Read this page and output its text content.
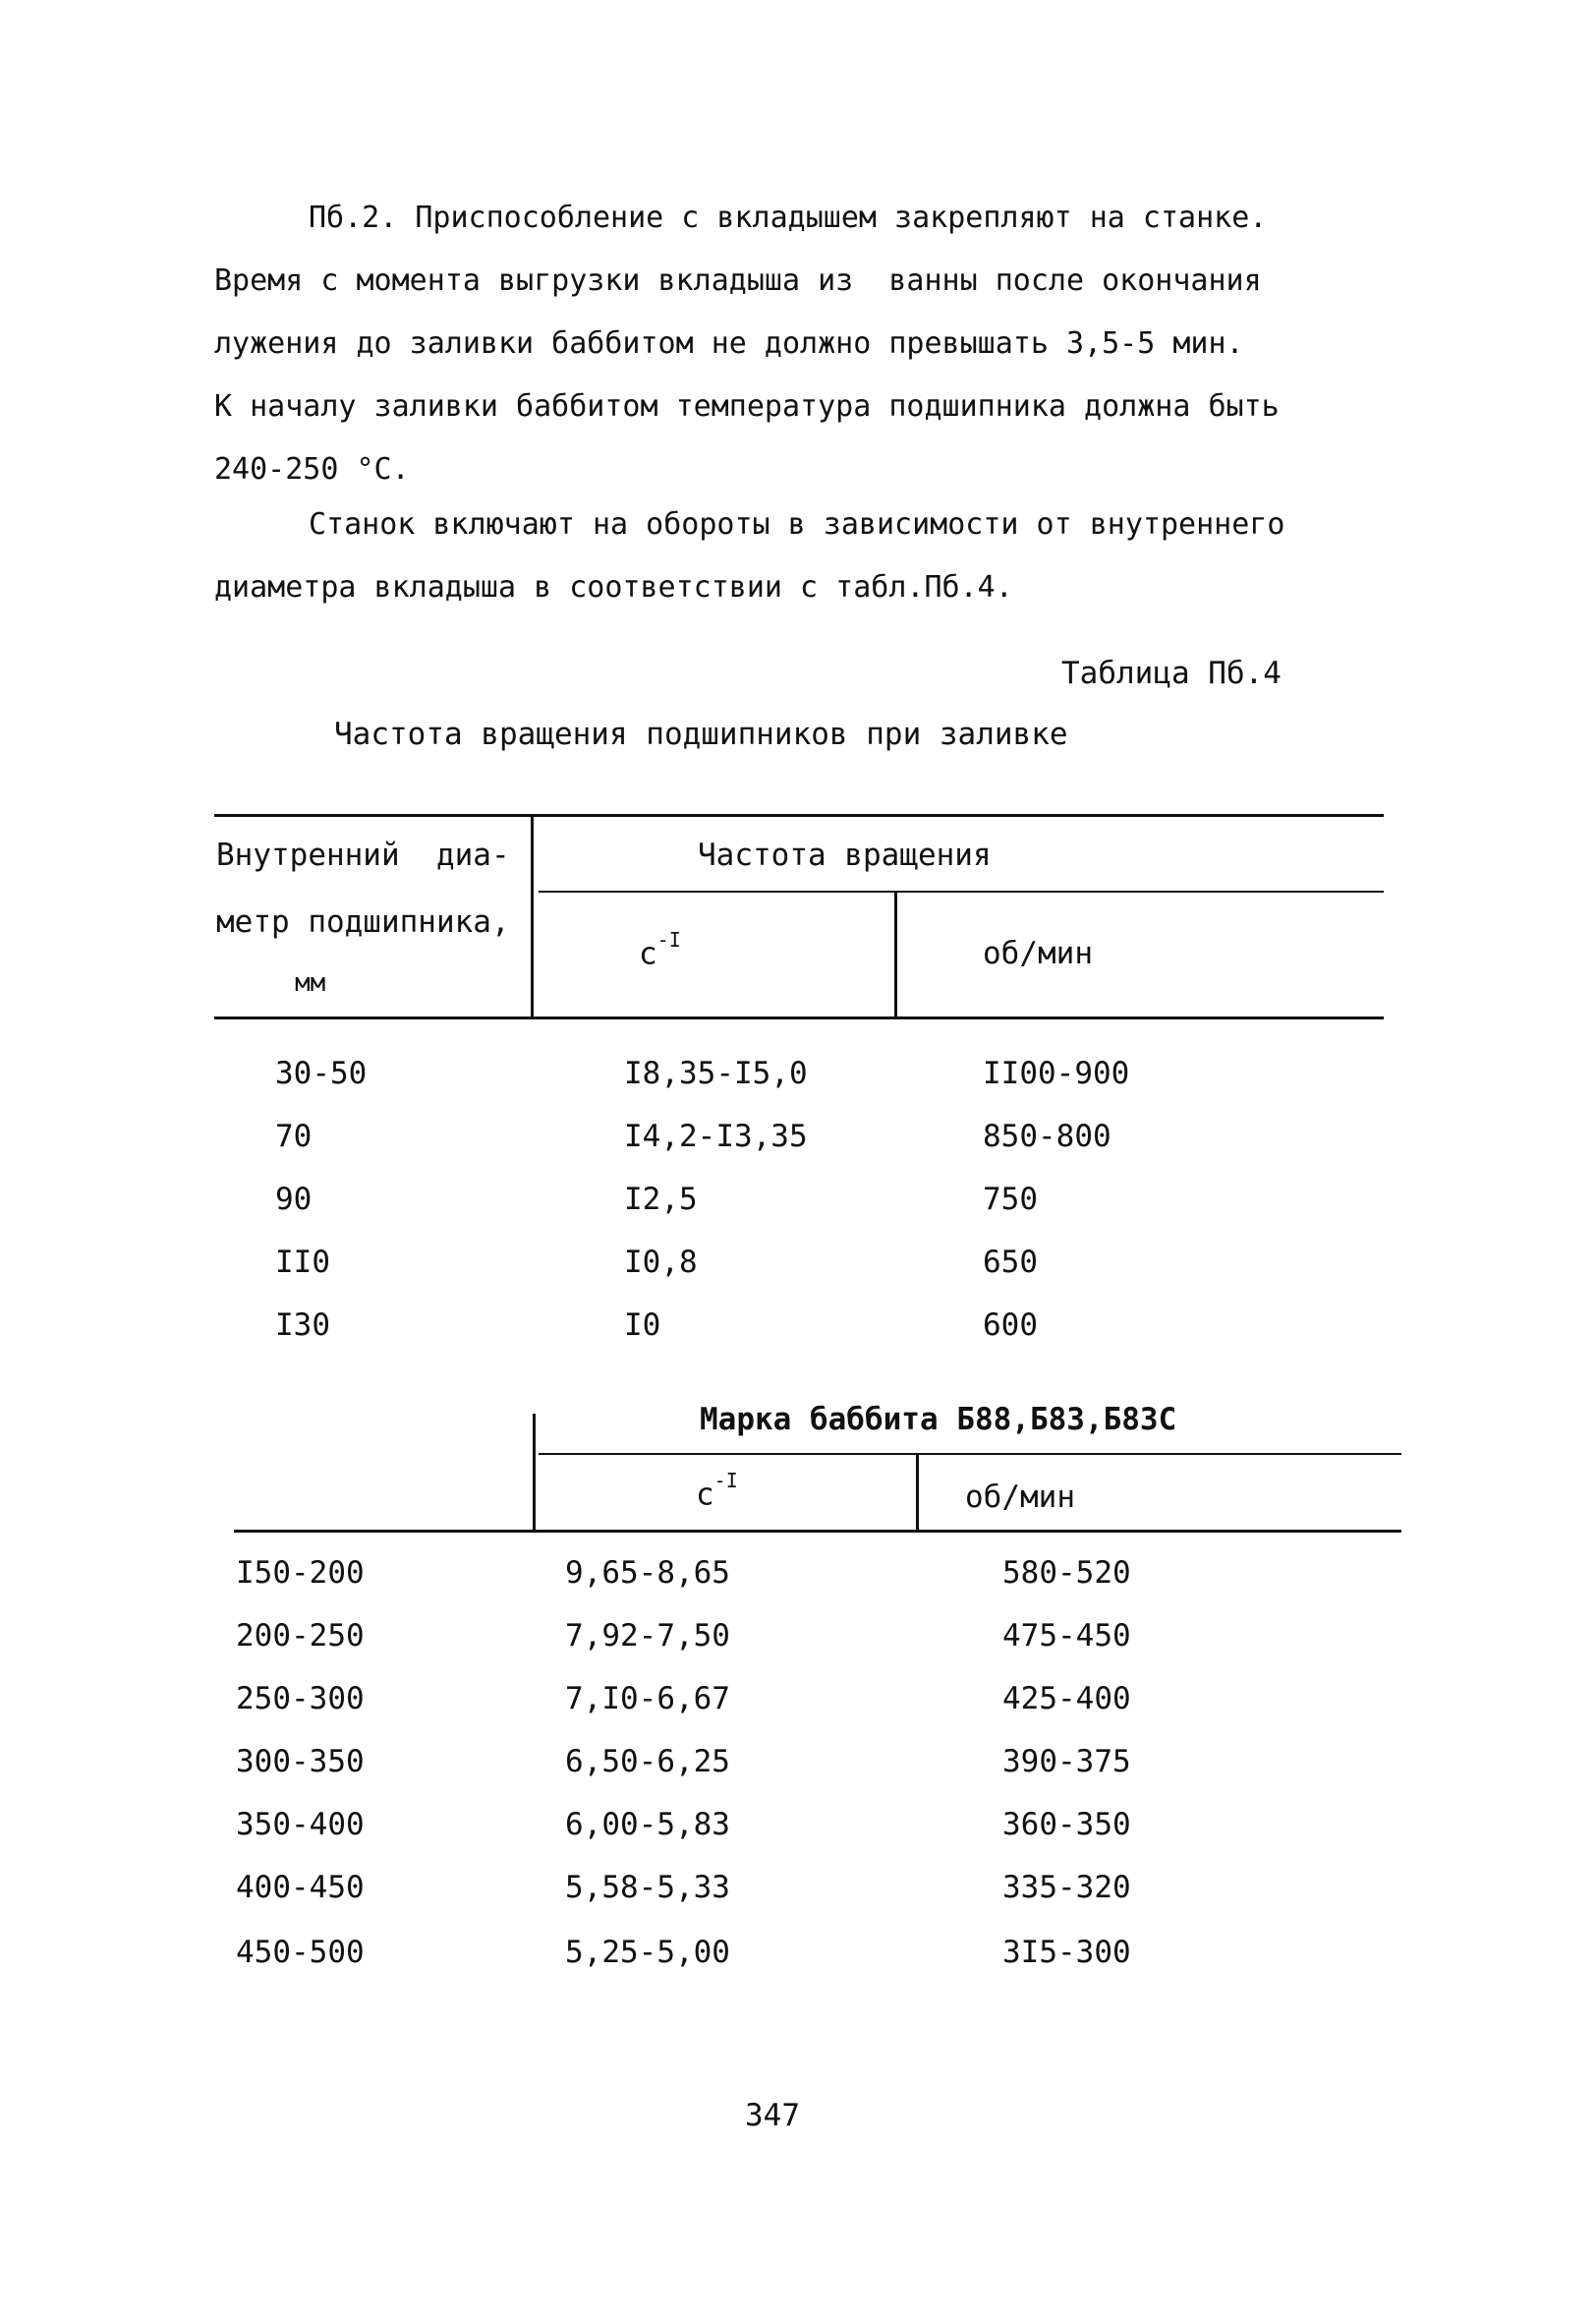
Пб.2. Приспособление с вкладышем закрепляют на станке.
Время с момента выгрузки вкладыша из  ванны после окончания
лужения до заливки баббитом не должно превышать 3,5-5 мин.
К началу заливки баббитом температура подшипника должна быть
240-250 °С.
Станок включают на обороты в зависимости от внутреннего
диаметра вкладыша в соответствии с табл.Пб.4.
Таблица Пб.4
Частота вращения подшипников при заливке
Внутренний  диа-
метр подшипника,
мм
Частота вращения
$с^{-I}$	об/мин
30-50	I8,35-I5,0	II00-900
70	I4,2-I3,35	850-800
90	I2,5	750
II0	I0,8	650
I30	I0	600
Марка баббита Б88,Б83,Б83С
$с^{-I}$	об/мин
I50-200	9,65-8,65	580-520
200-250	7,92-7,50	475-450
250-300	7,I0-6,67	425-400
300-350	6,50-6,25	390-375
350-400	6,00-5,83	360-350
400-450	5,58-5,33	335-320
450-500	5,25-5,00	3I5-300
347
